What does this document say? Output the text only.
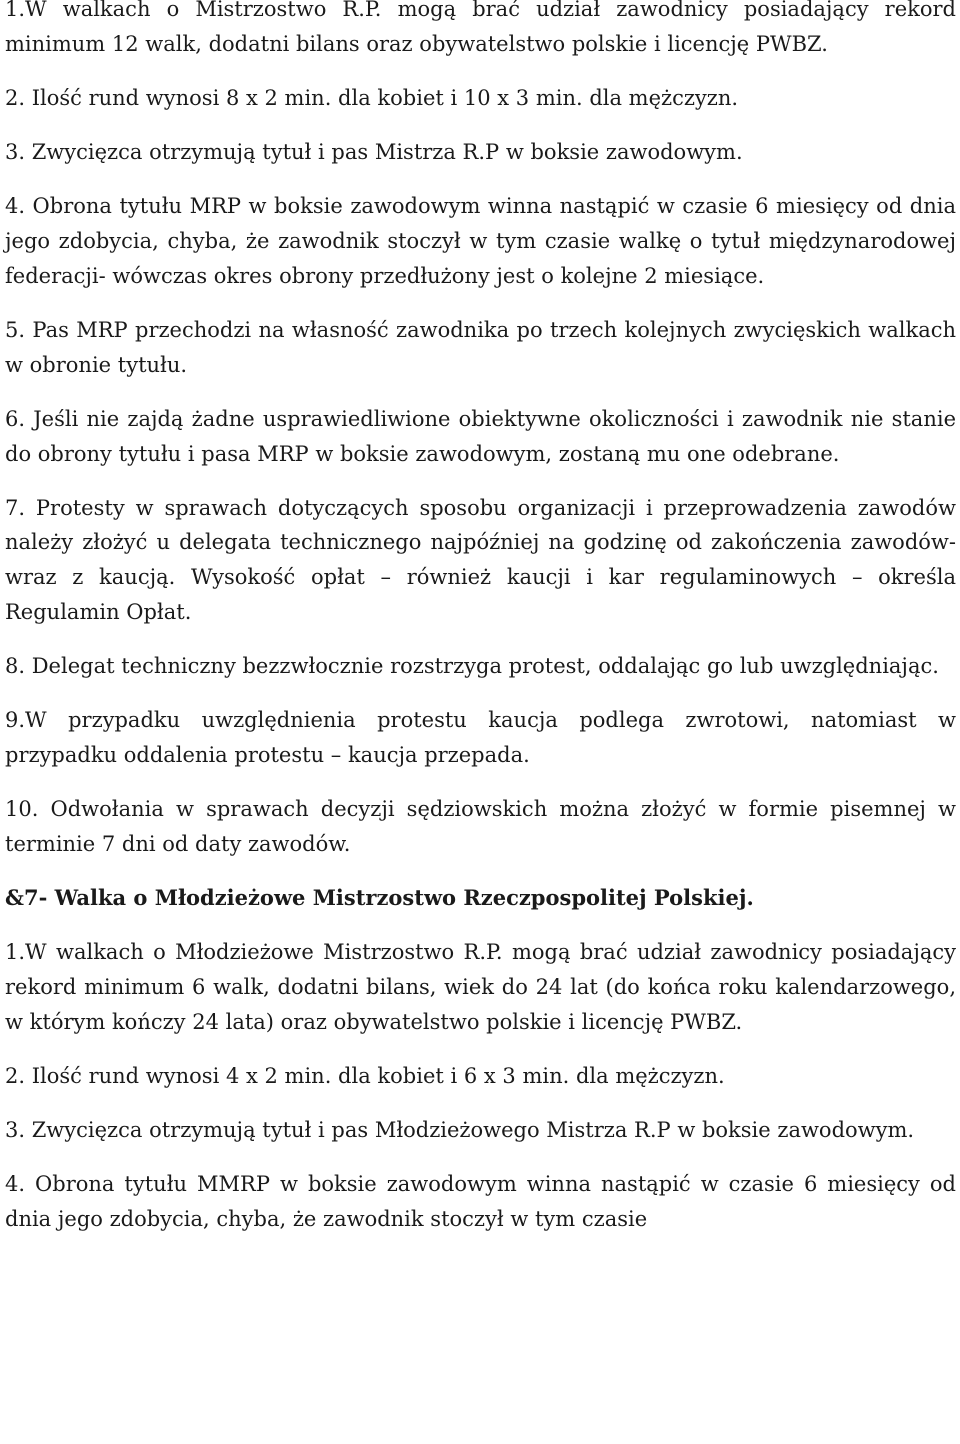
1.W walkach o Mistrzostwo R.P. mogą brać udział zawodnicy posiadający rekord minimum 12 walk, dodatni bilans oraz obywatelstwo polskie i licencję PWBZ.

2. Ilość rund wynosi 8 x 2 min. dla kobiet i 10 x 3 min. dla mężczyzn.

3. Zwycięzca otrzymują tytuł i pas Mistrza R.P w boksie zawodowym.

4. Obrona tytułu MRP w boksie zawodowym winna nastąpić w czasie 6 miesięcy od dnia jego zdobycia, chyba, że zawodnik stoczył w tym czasie walkę o tytuł międzynarodowej federacji- wówczas okres obrony przedłużony jest o kolejne 2 miesiące.

5. Pas MRP przechodzi na własność zawodnika po trzech kolejnych zwycięskich walkach w obronie tytułu.

6. Jeśli nie zajdą żadne usprawiedliwione obiektywne okoliczności i zawodnik nie stanie do obrony tytułu i pasa MRP w boksie zawodowym, zostaną mu one odebrane.

7. Protesty w sprawach dotyczących sposobu organizacji i przeprowadzenia zawodów należy złożyć u delegata technicznego najpóźniej na godzinę od zakończenia zawodów- wraz z kaucją. Wysokość opłat – również kaucji i kar regulaminowych – określa Regulamin Opłat.

8. Delegat techniczny bezzwłocznie rozstrzyga protest, oddalając go lub uwzględniając.

9.W przypadku uwzględnienia protestu kaucja podlega zwrotowi, natomiast w przypadku oddalenia protestu – kaucja przepada.

10. Odwołania w sprawach decyzji sędziowskich można złożyć w formie pisemnej w terminie 7 dni od daty zawodów.

&7- Walka o Młodzieżowe Mistrzostwo Rzeczpospolitej Polskiej.

1.W walkach o Młodzieżowe Mistrzostwo R.P. mogą brać udział zawodnicy posiadający rekord minimum 6 walk, dodatni bilans, wiek do 24 lat (do końca roku kalendarzowego, w którym kończy 24 lata) oraz obywatelstwo polskie i licencję PWBZ.

2. Ilość rund wynosi 4 x 2 min. dla kobiet i 6 x 3 min. dla mężczyzn.

3. Zwycięzca otrzymują tytuł i pas Młodzieżowego Mistrza R.P w boksie zawodowym.

4. Obrona tytułu MMRP w boksie zawodowym winna nastąpić w czasie 6 miesięcy od dnia jego zdobycia, chyba, że zawodnik stoczył w tym czasie
